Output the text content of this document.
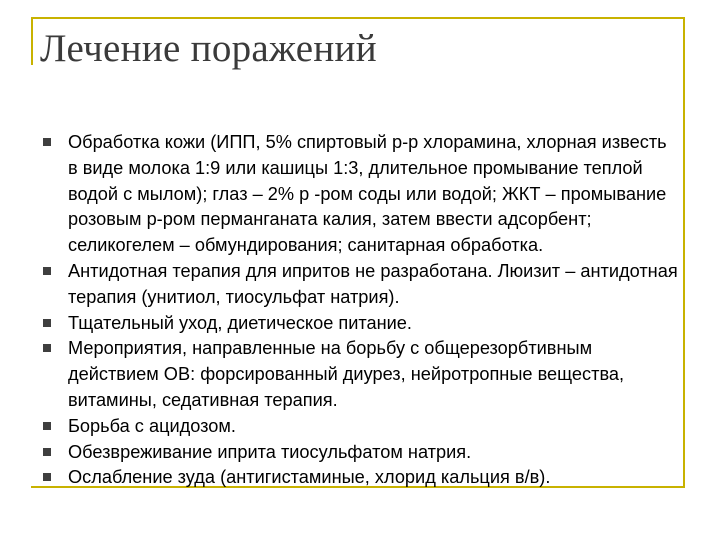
Лечение поражений
Обработка кожи (ИПП, 5% спиртовый р-р хлорамина, хлорная известь в виде молока 1:9 или кашицы 1:3, длительное промывание теплой водой с мылом); глаз – 2% р -ром соды или водой; ЖКТ – промывание розовым р-ром перманганата калия, затем ввести адсорбент; селикогелем – обмундирования; санитарная обработка.
Антидотная терапия для ипритов не разработана. Люизит – антидотная терапия (унитиол, тиосульфат натрия).
Тщательный уход, диетическое питание.
Мероприятия, направленные на борьбу с общерезорбтивным действием ОВ: форсированный диурез, нейротропные вещества, витамины, седативная терапия.
Борьба с ацидозом.
Обезвреживание иприта тиосульфатом натрия.
Ослабление зуда (антигистаминые, хлорид кальция в/в).
